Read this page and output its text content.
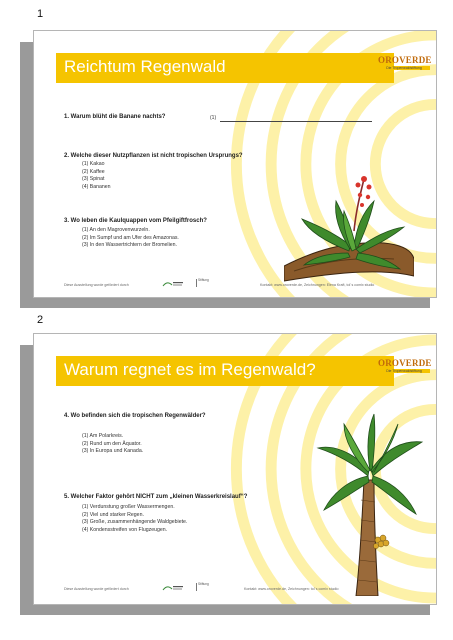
1
Reichtum Regenwald	OROVERDE
Die Tropenwaldstiftung
1. Warum blüht die Banane nachts?	(1)
2. Welche dieser Nutzpflanzen ist nicht tropischen Ursprungs?
(1) Kakao
(2) Kaffee
(3) Spinat
(4) Bananen
3. Wo leben die Kaulquappen vom Pfeilgiftfrosch?
(1) An den Magrovenwurzeln.
(2) Im Sumpf und am Ufer des Amazonas.
(3) In den Wassertrichtern der Bromelien.
Diese Ausstellung wurde gefördert durch
Stiftung
Kontakt: www.oroverde.de, Zeichnungen: Elena Kraft, tol´s comix studio
2
Warum regnet es im Regenwald?	OROVERDE
Die Tropenwaldstiftung
4. Wo befinden sich die tropischen Regenwälder?
(1) Am Polarkreis.
(2) Rund um den Äquator.
(3) In Europa und Kanada.
5. Welcher Faktor gehört NICHT zum „kleinen Wasserkreislauf“?
(1) Verdunstung großer Wassermengen.
(2) Viel und starker Regen.
(3) Große, zusammenhängende Waldgebiete.
(4) Kondensstreifen von Flugzeugen.
Diese Ausstellung wurde gefördert durch
Stiftung
Kontakt: www.oroverde.de, Zeichnungen: tol´s comix studio
